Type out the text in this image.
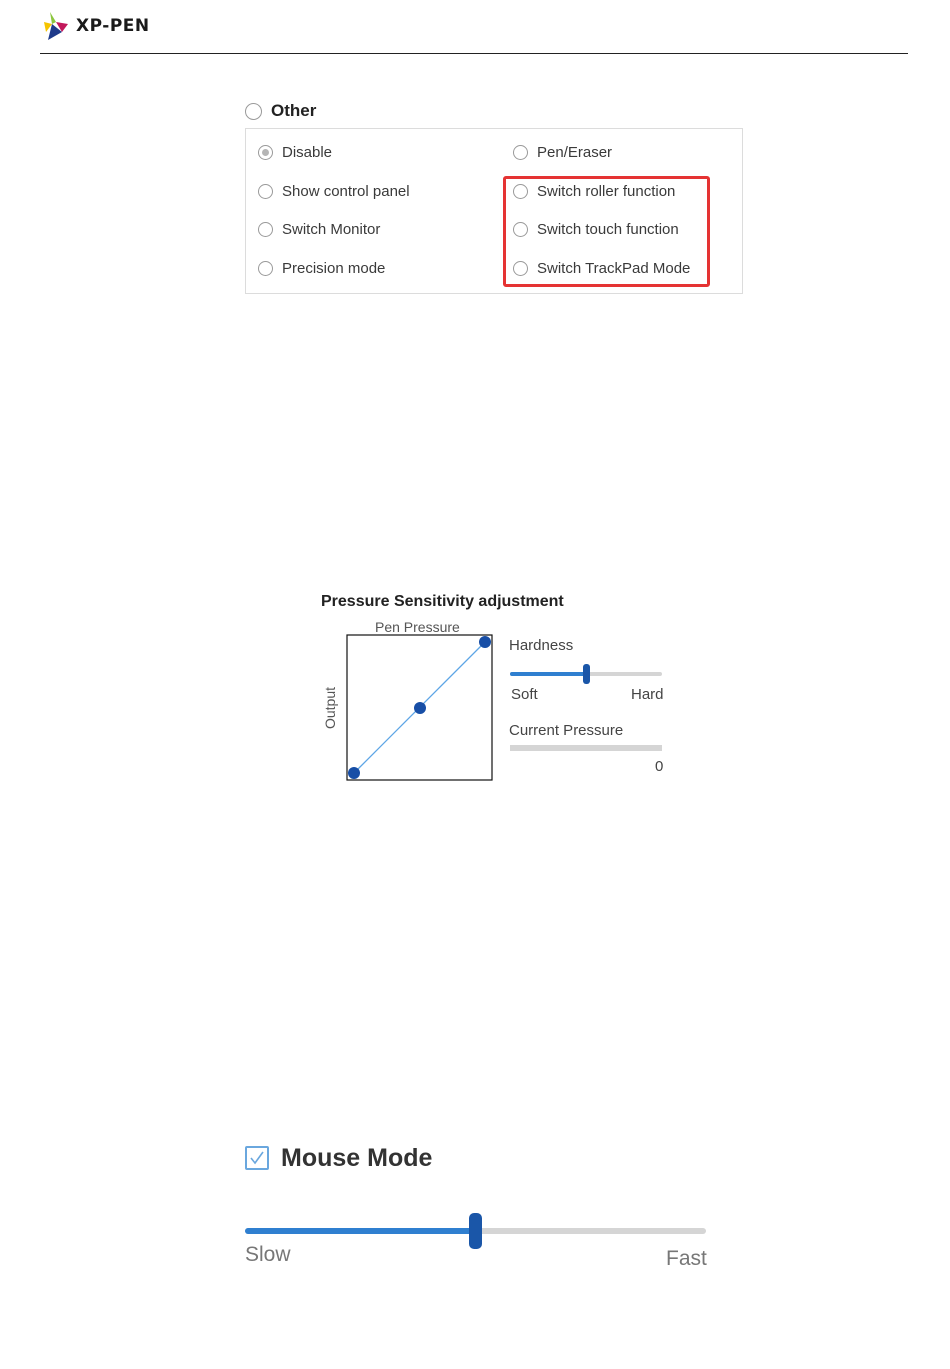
XP-PEN
Other
Disable
Show control panel
Switch Monitor
Precision mode
Pen/Eraser
Switch roller function
Switch touch function
Switch TrackPad Mode
Pressure Sensitivity adjustment
Pen Pressure
Output
Hardness
Soft	Hard
Current Pressure
0
Mouse Mode
Slow	Fast
